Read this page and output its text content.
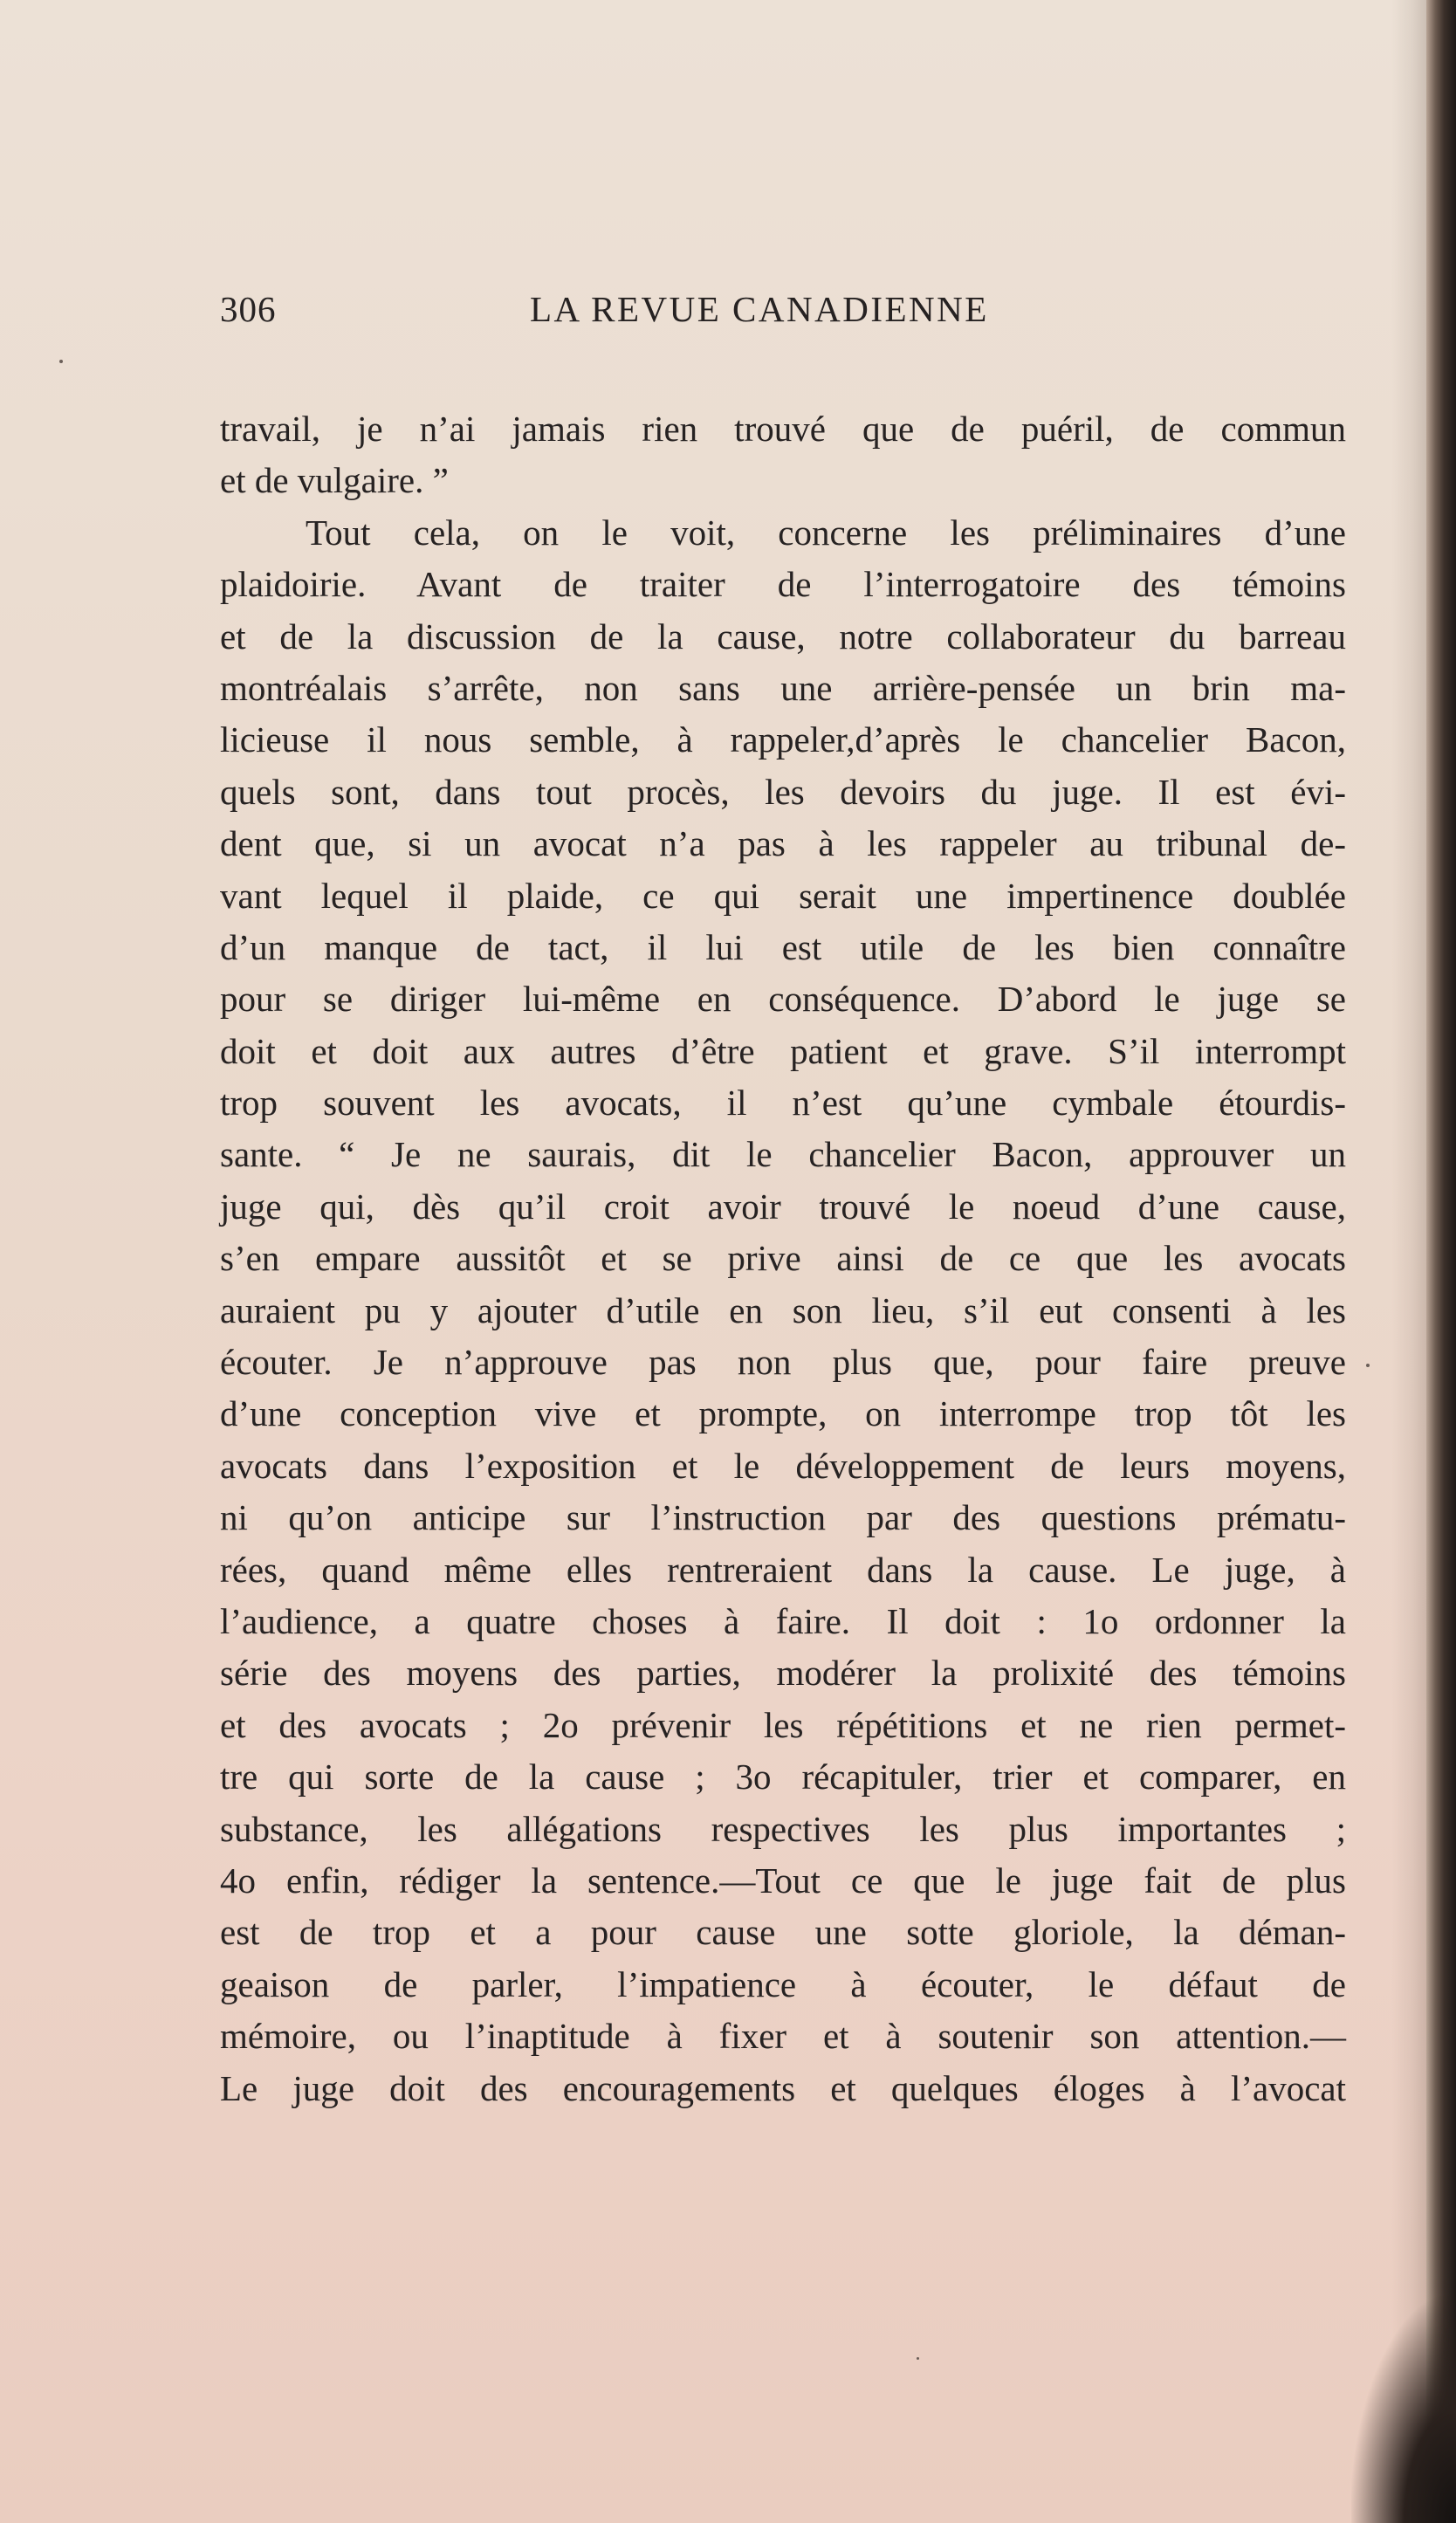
306	LA REVUE CANADIENNE
travail, je n’ai jamais rien trouvé que de puéril, de commun
et de vulgaire. ”
Tout cela, on le voit, concerne les préliminaires d’une
plaidoirie. Avant de traiter de l’interrogatoire des témoins
et de la discussion de la cause, notre collaborateur du barreau
montréalais s’arrête, non sans une arrière-pensée un brin ma-
licieuse il nous semble, à rappeler,d’après le chancelier Bacon,
quels sont, dans tout procès, les devoirs du juge. Il est évi-
dent que, si un avocat n’a pas à les rappeler au tribunal de-
vant lequel il plaide, ce qui serait une impertinence doublée
d’un manque de tact, il lui est utile de les bien connaître
pour se diriger lui-même en conséquence. D’abord le juge se
doit et doit aux autres d’être patient et grave. S’il interrompt
trop souvent les avocats, il n’est qu’une cymbale étourdis-
sante. “ Je ne saurais, dit le chancelier Bacon, approuver un
juge qui, dès qu’il croit avoir trouvé le noeud d’une cause,
s’en empare aussitôt et se prive ainsi de ce que les avocats
auraient pu y ajouter d’utile en son lieu, s’il eut consenti à les
écouter. Je n’approuve pas non plus que, pour faire preuve
d’une conception vive et prompte, on interrompe trop tôt les
avocats dans l’exposition et le développement de leurs moyens,
ni qu’on anticipe sur l’instruction par des questions prématu-
rées, quand même elles rentreraient dans la cause. Le juge, à
l’audience, a quatre choses à faire. Il doit : 1o ordonner la
série des moyens des parties, modérer la prolixité des témoins
et des avocats ; 2o prévenir les répétitions et ne rien permet-
tre qui sorte de la cause ; 3o récapituler, trier et comparer, en
substance, les allégations respectives les plus importantes ;
4o enfin, rédiger la sentence.—Tout ce que le juge fait de plus
est de trop et a pour cause une sotte gloriole, la déman-
geaison de parler, l’impatience à écouter, le défaut de
mémoire, ou l’inaptitude à fixer et à soutenir son attention.—
Le juge doit des encouragements et quelques éloges à l’avocat
